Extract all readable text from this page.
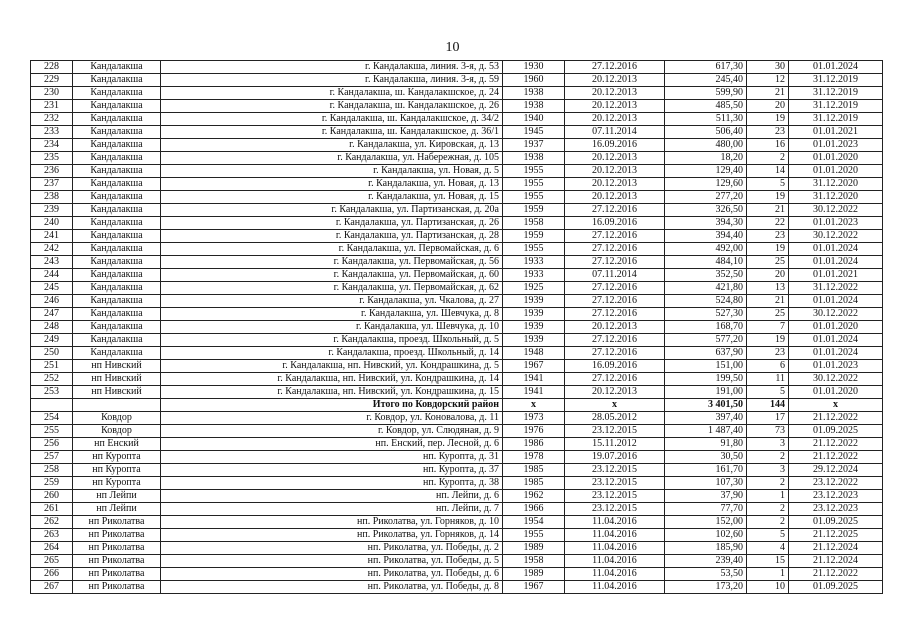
10
228	Кандалакша	г. Кандалакша, линия. 3-я, д. 53	1930	27.12.2016	617,30	30	01.01.2024
229	Кандалакша	г. Кандалакша, линия. 3-я, д. 59	1960	20.12.2013	245,40	12	31.12.2019
230	Кандалакша	г. Кандалакша, ш. Кандалакшское, д. 24	1938	20.12.2013	599,90	21	31.12.2019
231	Кандалакша	г. Кандалакша, ш. Кандалакшское, д. 26	1938	20.12.2013	485,50	20	31.12.2019
232	Кандалакша	г. Кандалакша, ш. Кандалакшское, д. 34/2	1940	20.12.2013	511,30	19	31.12.2019
233	Кандалакша	г. Кандалакша, ш. Кандалакшское, д. 36/1	1945	07.11.2014	506,40	23	01.01.2021
234	Кандалакша	г. Кандалакша, ул. Кировская, д. 13	1937	16.09.2016	480,00	16	01.01.2023
235	Кандалакша	г. Кандалакша, ул. Набережная, д. 105	1938	20.12.2013	18,20	2	01.01.2020
236	Кандалакша	г. Кандалакша, ул. Новая, д. 5	1955	20.12.2013	129,40	14	01.01.2020
237	Кандалакша	г. Кандалакша, ул. Новая, д. 13	1955	20.12.2013	129,60	5	31.12.2020
238	Кандалакша	г. Кандалакша, ул. Новая, д. 15	1955	20.12.2013	277,20	19	31.12.2020
239	Кандалакша	г. Кандалакша, ул. Партизанская, д. 20а	1959	27.12.2016	326,50	21	30.12.2022
240	Кандалакша	г. Кандалакша, ул. Партизанская, д. 26	1958	16.09.2016	394,30	22	01.01.2023
241	Кандалакша	г. Кандалакша, ул. Партизанская, д. 28	1959	27.12.2016	394,40	23	30.12.2022
242	Кандалакша	г. Кандалакша, ул. Первомайская, д. 6	1955	27.12.2016	492,00	19	01.01.2024
243	Кандалакша	г. Кандалакша, ул. Первомайская, д. 56	1933	27.12.2016	484,10	25	01.01.2024
244	Кандалакша	г. Кандалакша, ул. Первомайская, д. 60	1933	07.11.2014	352,50	20	01.01.2021
245	Кандалакша	г. Кандалакша, ул. Первомайская, д. 62	1925	27.12.2016	421,80	13	31.12.2022
246	Кандалакша	г. Кандалакша, ул. Чкалова, д. 27	1939	27.12.2016	524,80	21	01.01.2024
247	Кандалакша	г. Кандалакша, ул. Шевчука, д. 8	1939	27.12.2016	527,30	25	30.12.2022
248	Кандалакша	г. Кандалакша, ул. Шевчука, д. 10	1939	20.12.2013	168,70	7	01.01.2020
249	Кандалакша	г. Кандалакша, проезд. Школьный, д. 5	1939	27.12.2016	577,20	19	01.01.2024
250	Кандалакша	г. Кандалакша, проезд. Школьный, д. 14	1948	27.12.2016	637,90	23	01.01.2024
251	нп Нивский	г. Кандалакша, нп. Нивский, ул. Кондрашкина, д. 5	1967	16.09.2016	151,00	6	01.01.2023
252	нп Нивский	г. Кандалакша, нп. Нивский, ул. Кондрашкина, д. 14	1941	27.12.2016	199,50	11	30.12.2022
253	нп Нивский	г. Кандалакша, нп. Нивский, ул. Кондрашкина, д. 15	1941	20.12.2013	191,00	5	01.01.2020
		Итого по Ковдорский район	x	x	3 401,50	144	x
254	Ковдор	г. Ковдор, ул. Коновалова, д. 11	1973	28.05.2012	397,40	17	21.12.2022
255	Ковдор	г. Ковдор, ул. Слюдяная, д. 9	1976	23.12.2015	1 487,40	73	01.09.2025
256	нп Енский	нп. Енский, пер. Лесной, д. 6	1986	15.11.2012	91,80	3	21.12.2022
257	нп Куропта	нп. Куропта, д. 31	1978	19.07.2016	30,50	2	21.12.2022
258	нп Куропта	нп. Куропта, д. 37	1985	23.12.2015	161,70	3	29.12.2024
259	нп Куропта	нп. Куропта, д. 38	1985	23.12.2015	107,30	2	23.12.2022
260	нп Лейпи	нп. Лейпи, д. 6	1962	23.12.2015	37,90	1	23.12.2023
261	нп Лейпи	нп. Лейпи, д. 7	1966	23.12.2015	77,70	2	23.12.2023
262	нп Риколатва	нп. Риколатва, ул. Горняков, д. 10	1954	11.04.2016	152,00	2	01.09.2025
263	нп Риколатва	нп. Риколатва, ул. Горняков, д. 14	1955	11.04.2016	102,60	5	21.12.2025
264	нп Риколатва	нп. Риколатва, ул. Победы, д. 2	1989	11.04.2016	185,90	4	21.12.2024
265	нп Риколатва	нп. Риколатва, ул. Победы, д. 5	1958	11.04.2016	239,40	15	21.12.2024
266	нп Риколатва	нп. Риколатва, ул. Победы, д. 6	1989	11.04.2016	53,50	1	21.12.2022
267	нп Риколатва	нп. Риколатва, ул. Победы, д. 8	1967	11.04.2016	173,20	10	01.09.2025
